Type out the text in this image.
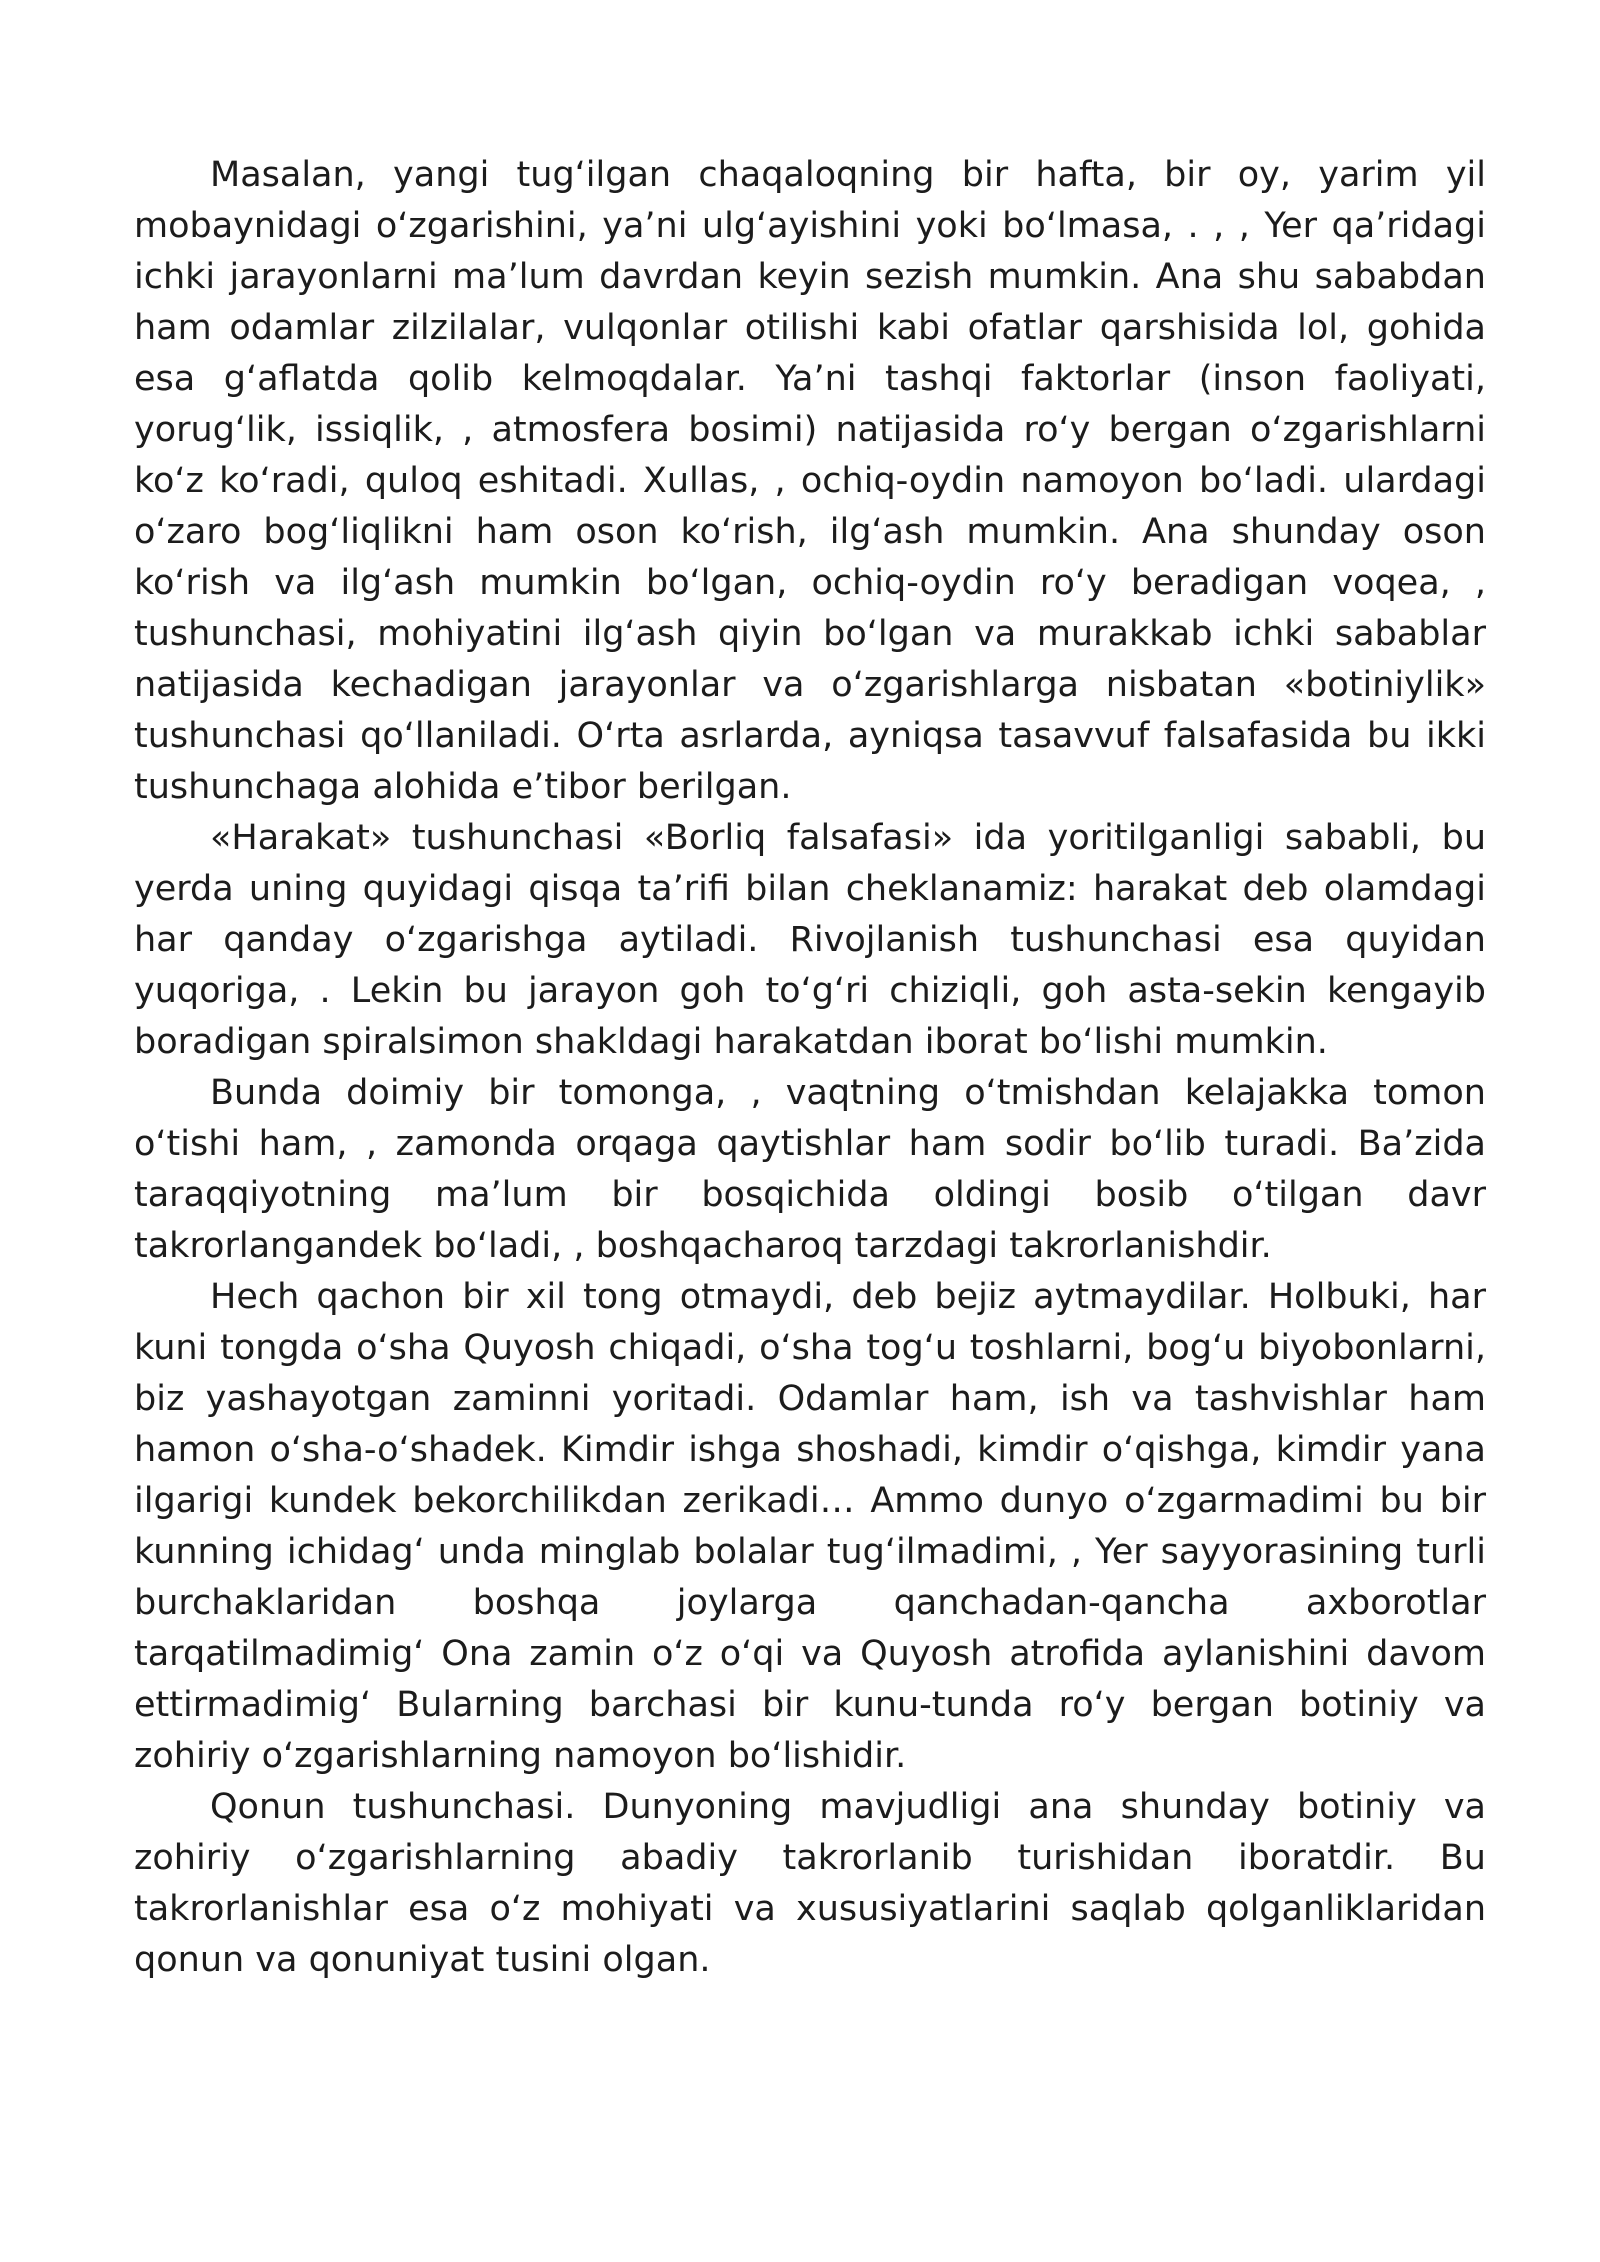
Masalan, yangi tug‘ilgan chaqaloqning bir hafta, bir oy, yarim yil mobaynidagi o‘zgarishini, ya’ni ulg‘ayishini yoki bo‘lmasa, . , , Yer qa’ridagi ichki jarayonlarni ma’lum davrdan keyin sezish mumkin. Ana shu sababdan ham odamlar zilzilalar, vulqonlar otilishi kabi ofatlar qarshisida lol, gohida esa g‘aflatda qolib kelmoqdalar. Ya’ni tashqi faktorlar (inson faoliyati, yorug‘lik, issiqlik, , atmosfera bosimi) natijasida ro‘y bergan o‘zgarishlarni ko‘z ko‘radi, quloq eshitadi. Xullas, , ochiq-oydin namoyon bo‘ladi. ulardagi o‘zaro bog‘liqlikni ham oson ko‘rish, ilg‘ash mumkin. Ana shunday oson ko‘rish va ilg‘ash mumkin bo‘lgan, ochiq-oydin ro‘y beradigan voqea, , tushunchasi, mohiyatini ilg‘ash qiyin bo‘lgan va murakkab ichki sabablar natijasida kechadigan jarayonlar va o‘zgarishlarga nisbatan «botiniylik» tushunchasi qo‘llaniladi. O‘rta asrlarda, ayniqsa tasavvuf falsafasida bu ikki tushunchaga alohida e’tibor berilgan.

«Harakat» tushunchasi «Borliq falsafasi» ida yoritilganligi sababli, bu yerda uning quyidagi qisqa ta’rifi bilan cheklanamiz: harakat deb olamdagi har qanday o‘zgarishga aytiladi. Rivojlanish tushunchasi esa quyidan yuqoriga, . Lekin bu jarayon goh to‘g‘ri chiziqli, goh asta-sekin kengayib boradigan spiralsimon shakldagi harakatdan iborat bo‘lishi mumkin.

Bunda doimiy bir tomonga, , vaqtning o‘tmishdan kelajakka tomon o‘tishi ham, , zamonda orqaga qaytishlar ham sodir bo‘lib turadi. Ba’zida taraqqiyotning ma’lum bir bosqichida oldingi bosib o‘tilgan davr takrorlangandek bo‘ladi, , boshqacharoq tarzdagi takrorlanishdir.

Hech qachon bir xil tong otmaydi, deb bejiz aytmaydilar. Holbuki, har kuni tongda o‘sha Quyosh chiqadi, o‘sha tog‘u toshlarni, bog‘u biyobonlarni, biz yashayotgan zaminni yoritadi. Odamlar ham, ish va tashvishlar ham hamon o‘sha-o‘shadek. Kimdir ishga shoshadi, kimdir o‘qishga, kimdir yana ilgarigi kundek bekorchilikdan zerikadi… Ammo dunyo o‘zgarmadimi bu bir kunning ichidag‘ unda minglab bolalar tug‘ilmadimi, , Yer sayyorasining turli burchaklaridan boshqa joylarga qanchadan-qancha axborotlar tarqatilmadimig‘ Ona zamin o‘z o‘qi va Quyosh atrofida aylanishini davom ettirmadimig‘ Bularning barchasi bir kunu-tunda ro‘y bergan botiniy va zohiriy o‘zgarishlarning namoyon bo‘lishidir.

Qonun tushunchasi. Dunyoning mavjudligi ana shunday botiniy va zohiriy o‘zgarishlarning abadiy takrorlanib turishidan iboratdir. Bu takrorlanishlar esa o‘z mohiyati va xususiyatlarini saqlab qolganliklaridan qonun va qonuniyat tusini olgan.
